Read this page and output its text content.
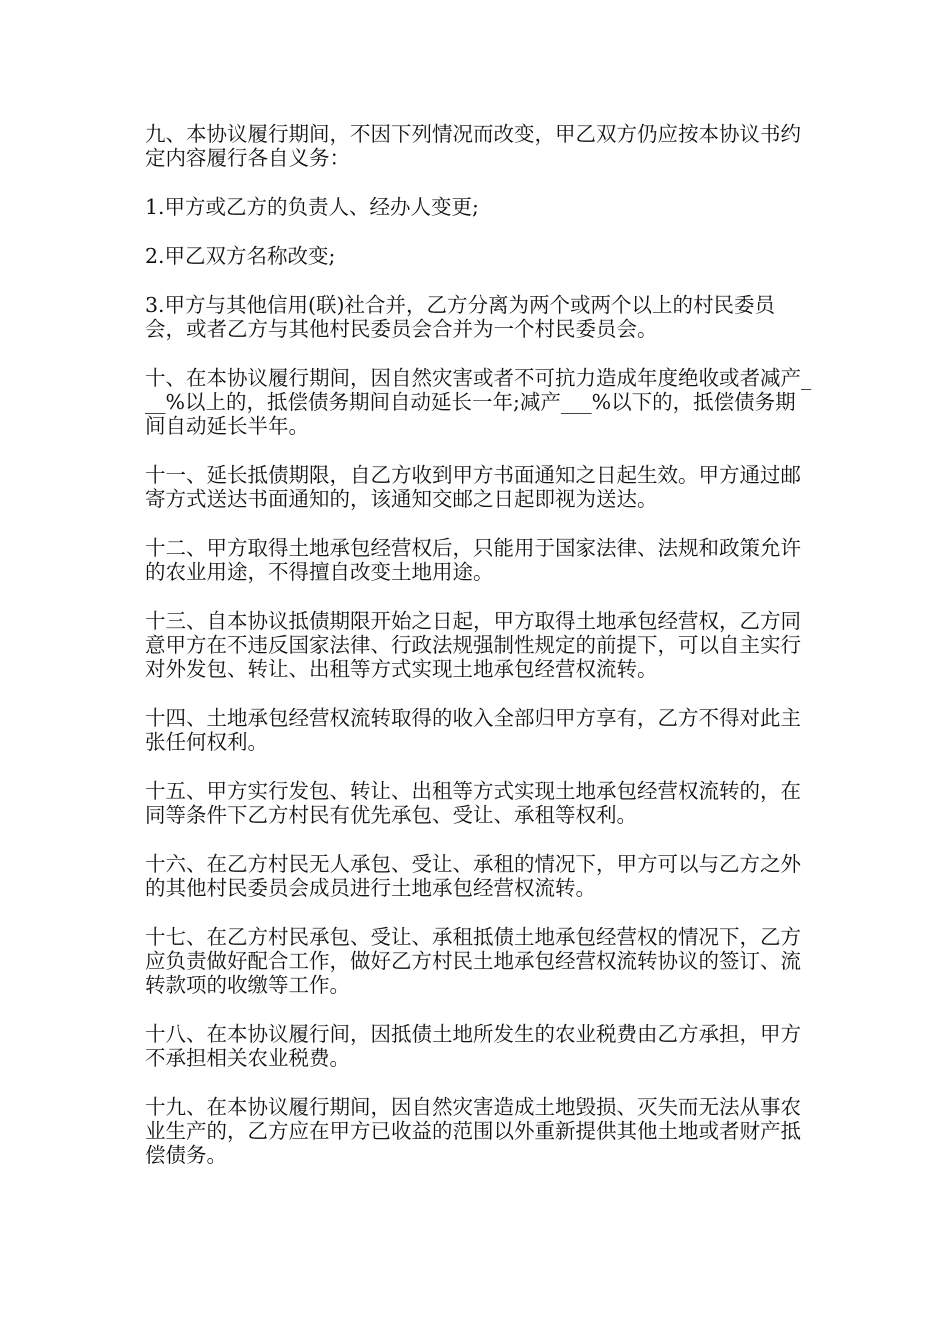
九、本协议履行期间，不因下列情况而改变，甲乙双方仍应按本协议书约定内容履行各自义务：

1.甲方或乙方的负责人、经办人变更;

2.甲乙双方名称改变;

3.甲方与其他信用(联)社合并，乙方分离为两个或两个以上的村民委员会，或者乙方与其他村民委员会合并为一个村民委员会。

十、在本协议履行期间，因自然灾害或者不可抗力造成年度绝收或者减产___%以上的，抵偿债务期间自动延长一年;减产___%以下的，抵偿债务期间自动延长半年。

十一、延长抵债期限，自乙方收到甲方书面通知之日起生效。甲方通过邮寄方式送达书面通知的，该通知交邮之日起即视为送达。

十二、甲方取得土地承包经营权后，只能用于国家法律、法规和政策允许的农业用途，不得擅自改变土地用途。

十三、自本协议抵债期限开始之日起，甲方取得土地承包经营权，乙方同意甲方在不违反国家法律、行政法规强制性规定的前提下，可以自主实行对外发包、转让、出租等方式实现土地承包经营权流转。

十四、土地承包经营权流转取得的收入全部归甲方享有，乙方不得对此主张任何权利。

十五、甲方实行发包、转让、出租等方式实现土地承包经营权流转的，在同等条件下乙方村民有优先承包、受让、承租等权利。

十六、在乙方村民无人承包、受让、承租的情况下，甲方可以与乙方之外的其他村民委员会成员进行土地承包经营权流转。

十七、在乙方村民承包、受让、承租抵债土地承包经营权的情况下，乙方应负责做好配合工作，做好乙方村民土地承包经营权流转协议的签订、流转款项的收缴等工作。

十八、在本协议履行间，因抵债土地所发生的农业税费由乙方承担，甲方不承担相关农业税费。

十九、在本协议履行期间，因自然灾害造成土地毁损、灭失而无法从事农业生产的，乙方应在甲方已收益的范围以外重新提供其他土地或者财产抵偿债务。
